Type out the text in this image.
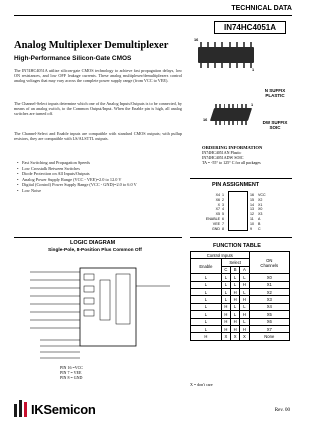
TECHNICAL DATA
IN74HC4051A
Analog Multiplexer Demultiplexer
High-Performance Silicon-Gate CMOS

The IN74HC4051A utilize silicon-gate CMOS technology to achieve fast propagation delays, low ON resistances, and low OFF leakage currents. These analog multiplexer/demultiplexers control analog voltages that may vary across the complete power supply range (from VCC to VEE).

The Channel-Select inputs determine which one of the Analog Inputs/Outputs is to be connected, by means of an analog switch, to the Common Output/Input. When the Enable pin is high, all analog switches are turned off.

The Channel-Select and Enable inputs are compatible with standard CMOS outputs; with pullup resistors, they are compatible with LS/ALSTTL outputs.

• Fast Switching and Propagation Speeds
• Low Crosstalk Between Switches
• Diode Protection on All Inputs/Outputs
• Analog Power Supply Range (VCC - VEE)=2.0 to 12.0 V
• Digital (Control) Power Supply Range (VCC - GND)=2.0 to 6.0 V
• Low Noise
16
1
N SUFFIX
PLASTIC
16
1
DW SUFFIX
SOIC
ORDERING INFORMATION
IN74HC4051AN Plastic
IN74HC4051ADW SOIC
TA = -55° to 125° C for all packages
PIN ASSIGNMENT
X4 1	16 VCC
X6 2	15 X2
X 3	14 X1
X7 4	13 X0
X5 5	12 X3
ENABLE 6	11 A
VEE 7	10 B
GND 8	9 C
LOGIC DIAGRAM
Single-Pole, 8-Position Plus Common Off
PIN 16 =VCC
PIN 7 = VEE
PIN 8 = GND
FUNCTION TABLE
Control Inputs				ON
Channels
Enable	Select			
	C	B	A	
L	L	L	L	X0
L	L	L	H	X1
L	L	H	L	X2
L	L	H	H	X3
L	H	L	L	X4
L	H	L	H	X5
L	H	H	L	X6
L	H	H	H	X7
H	X	X	X	None
X = don't care
Rev. 00
IKSemicon
